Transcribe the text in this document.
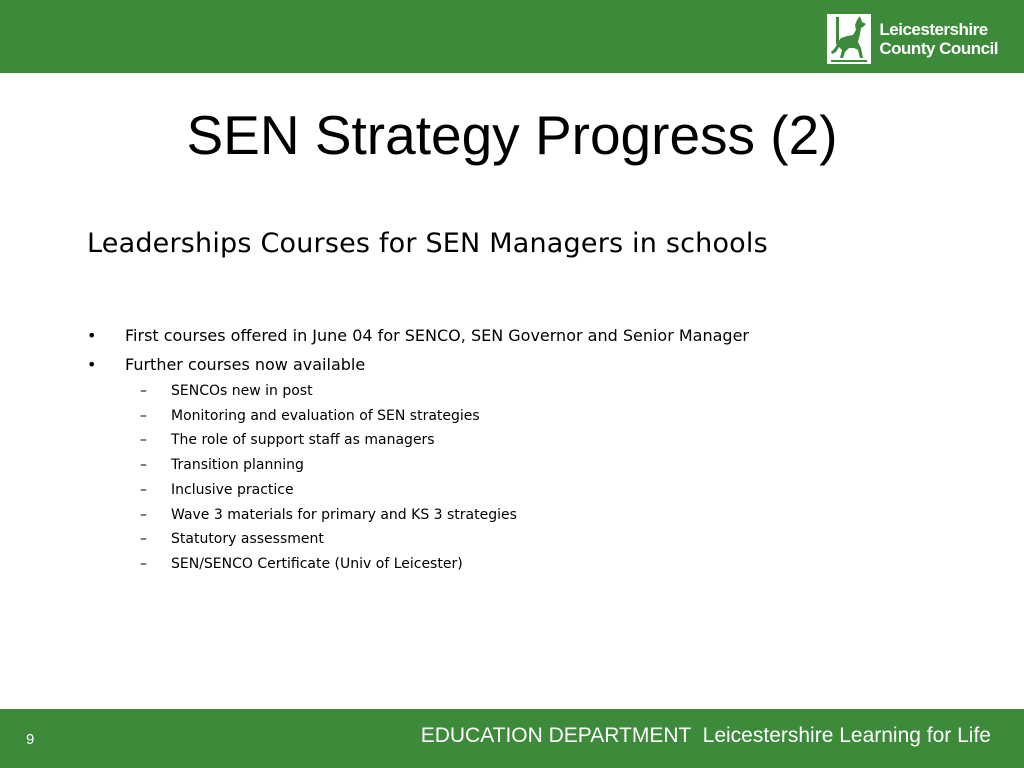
Leicestershire
County Council
SEN Strategy Progress (2)
Leaderships Courses for SEN Managers in schools
• First courses offered in June 04 for SENCO, SEN Governor and Senior Manager
• Further courses now available
– SENCOs new in post
– Monitoring and evaluation of SEN strategies
– The role of support staff as managers
– Transition planning
– Inclusive practice
– Wave 3 materials for primary and KS 3 strategies
– Statutory assessment
– SEN/SENCO Certificate (Univ of Leicester)
9	EDUCATION DEPARTMENT  Leicestershire Learning for Life
